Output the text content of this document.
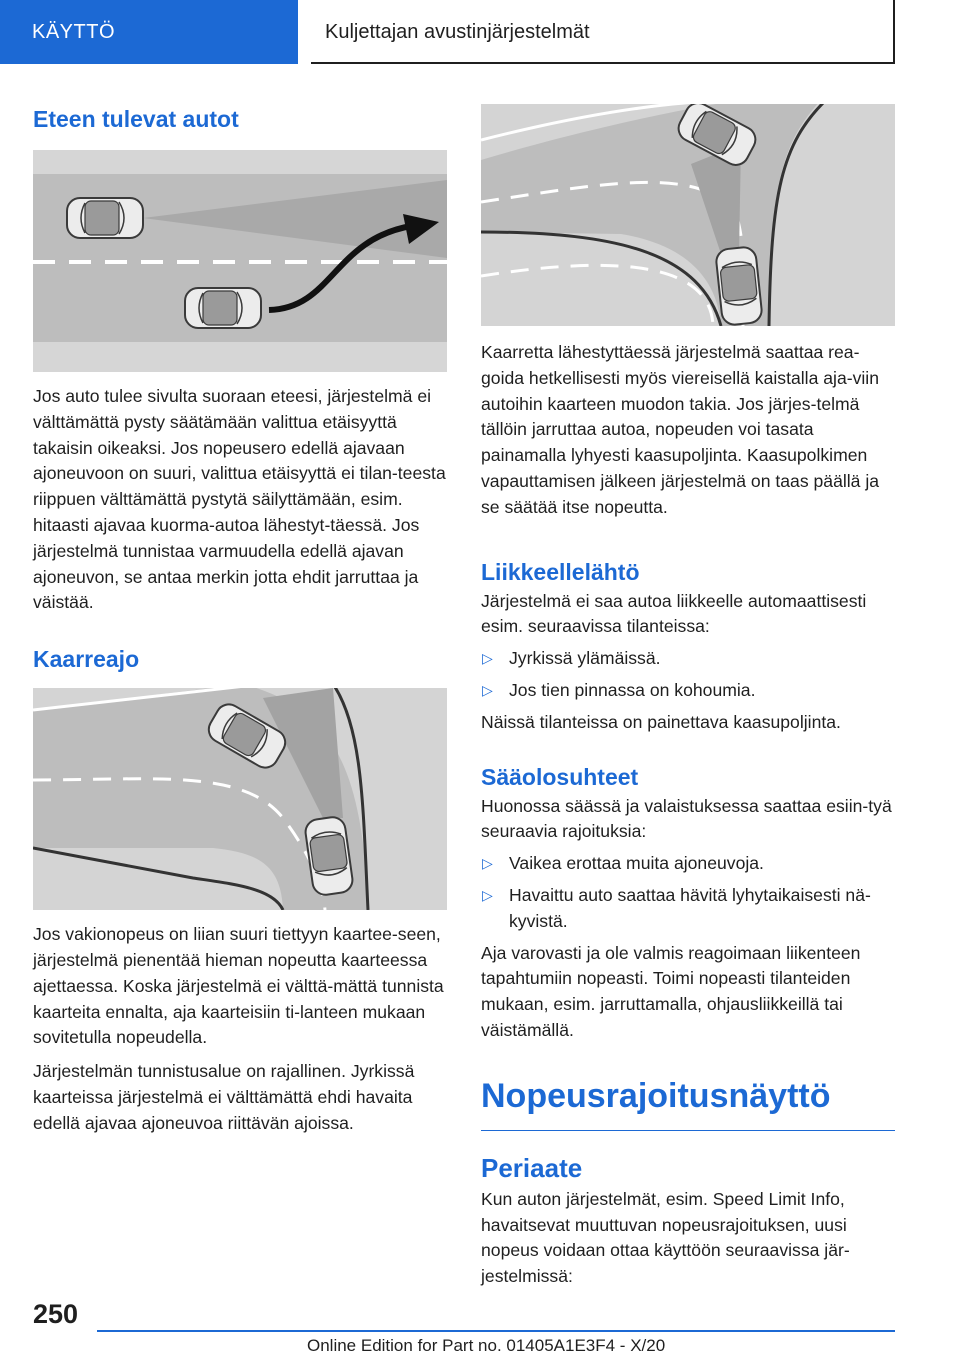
KÄYTTÖ	Kuljettajan avustinjärjestelmät
Eteen tulevat autot

Jos auto tulee sivulta suoraan eteesi, järjestelmä ei välttämättä pysty säätämään valittua etäisyyttä takaisin oikeaksi. Jos nopeusero edellä ajavaan ajoneuvoon on suuri, valittua etäisyyttä ei tilan-teesta riippuen välttämättä pystytä säilyttämään, esim. hitaasti ajavaa kuorma-autoa lähestyt-täessä. Jos järjestelmä tunnistaa varmuudella edellä ajavan ajoneuvon, se antaa merkin jotta ehdit jarruttaa ja väistää.

Kaarreajo

Jos vakionopeus on liian suuri tiettyyn kaartee-seen, järjestelmä pienentää hieman nopeutta kaarteessa ajettaessa. Koska järjestelmä ei välttä-mättä tunnista kaarteita ennalta, aja kaarteisiin ti-lanteen mukaan sovitetulla nopeudella.

Järjestelmän tunnistusalue on rajallinen. Jyrkissä kaarteissa järjestelmä ei välttämättä ehdi havaita edellä ajavaa ajoneuvoa riittävän ajoissa.

Kaarretta lähestyttäessä järjestelmä saattaa rea-goida hetkellisesti myös viereisellä kaistalla aja-viin autoihin kaarteen muodon takia. Jos järjes-telmä tällöin jarruttaa autoa, nopeuden voi tasata painamalla lyhyesti kaasupoljinta. Kaasupolkimen vapauttamisen jälkeen järjestelmä on taas päällä ja se säätää itse nopeutta.

Liikkeellelähtö

Järjestelmä ei saa autoa liikkeelle automaattisesti esim. seuraavissa tilanteissa:

▷ Jyrkissä ylämäissä.
▷ Jos tien pinnassa on kohoumia.

Näissä tilanteissa on painettava kaasupoljinta.

Sääolosuhteet

Huonossa säässä ja valaistuksessa saattaa esiin-tyä seuraavia rajoituksia:

▷ Vaikea erottaa muita ajoneuvoja.
▷ Havaittu auto saattaa hävitä lyhytaikaisesti nä-kyvistä.

Aja varovasti ja ole valmis reagoimaan liikenteen tapahtumiin nopeasti. Toimi nopeasti tilanteiden mukaan, esim. jarruttamalla, ohjausliikkeillä tai väistämällä.

Nopeusrajoitusnäyttö
Periaate

Kun auton järjestelmät, esim. Speed Limit Info, havaitsevat muuttuvan nopeusrajoituksen, uusi nopeus voidaan ottaa käyttöön seuraavissa jär-jestelmissä:

250
Online Edition for Part no. 01405A1E3F4 - X/20
